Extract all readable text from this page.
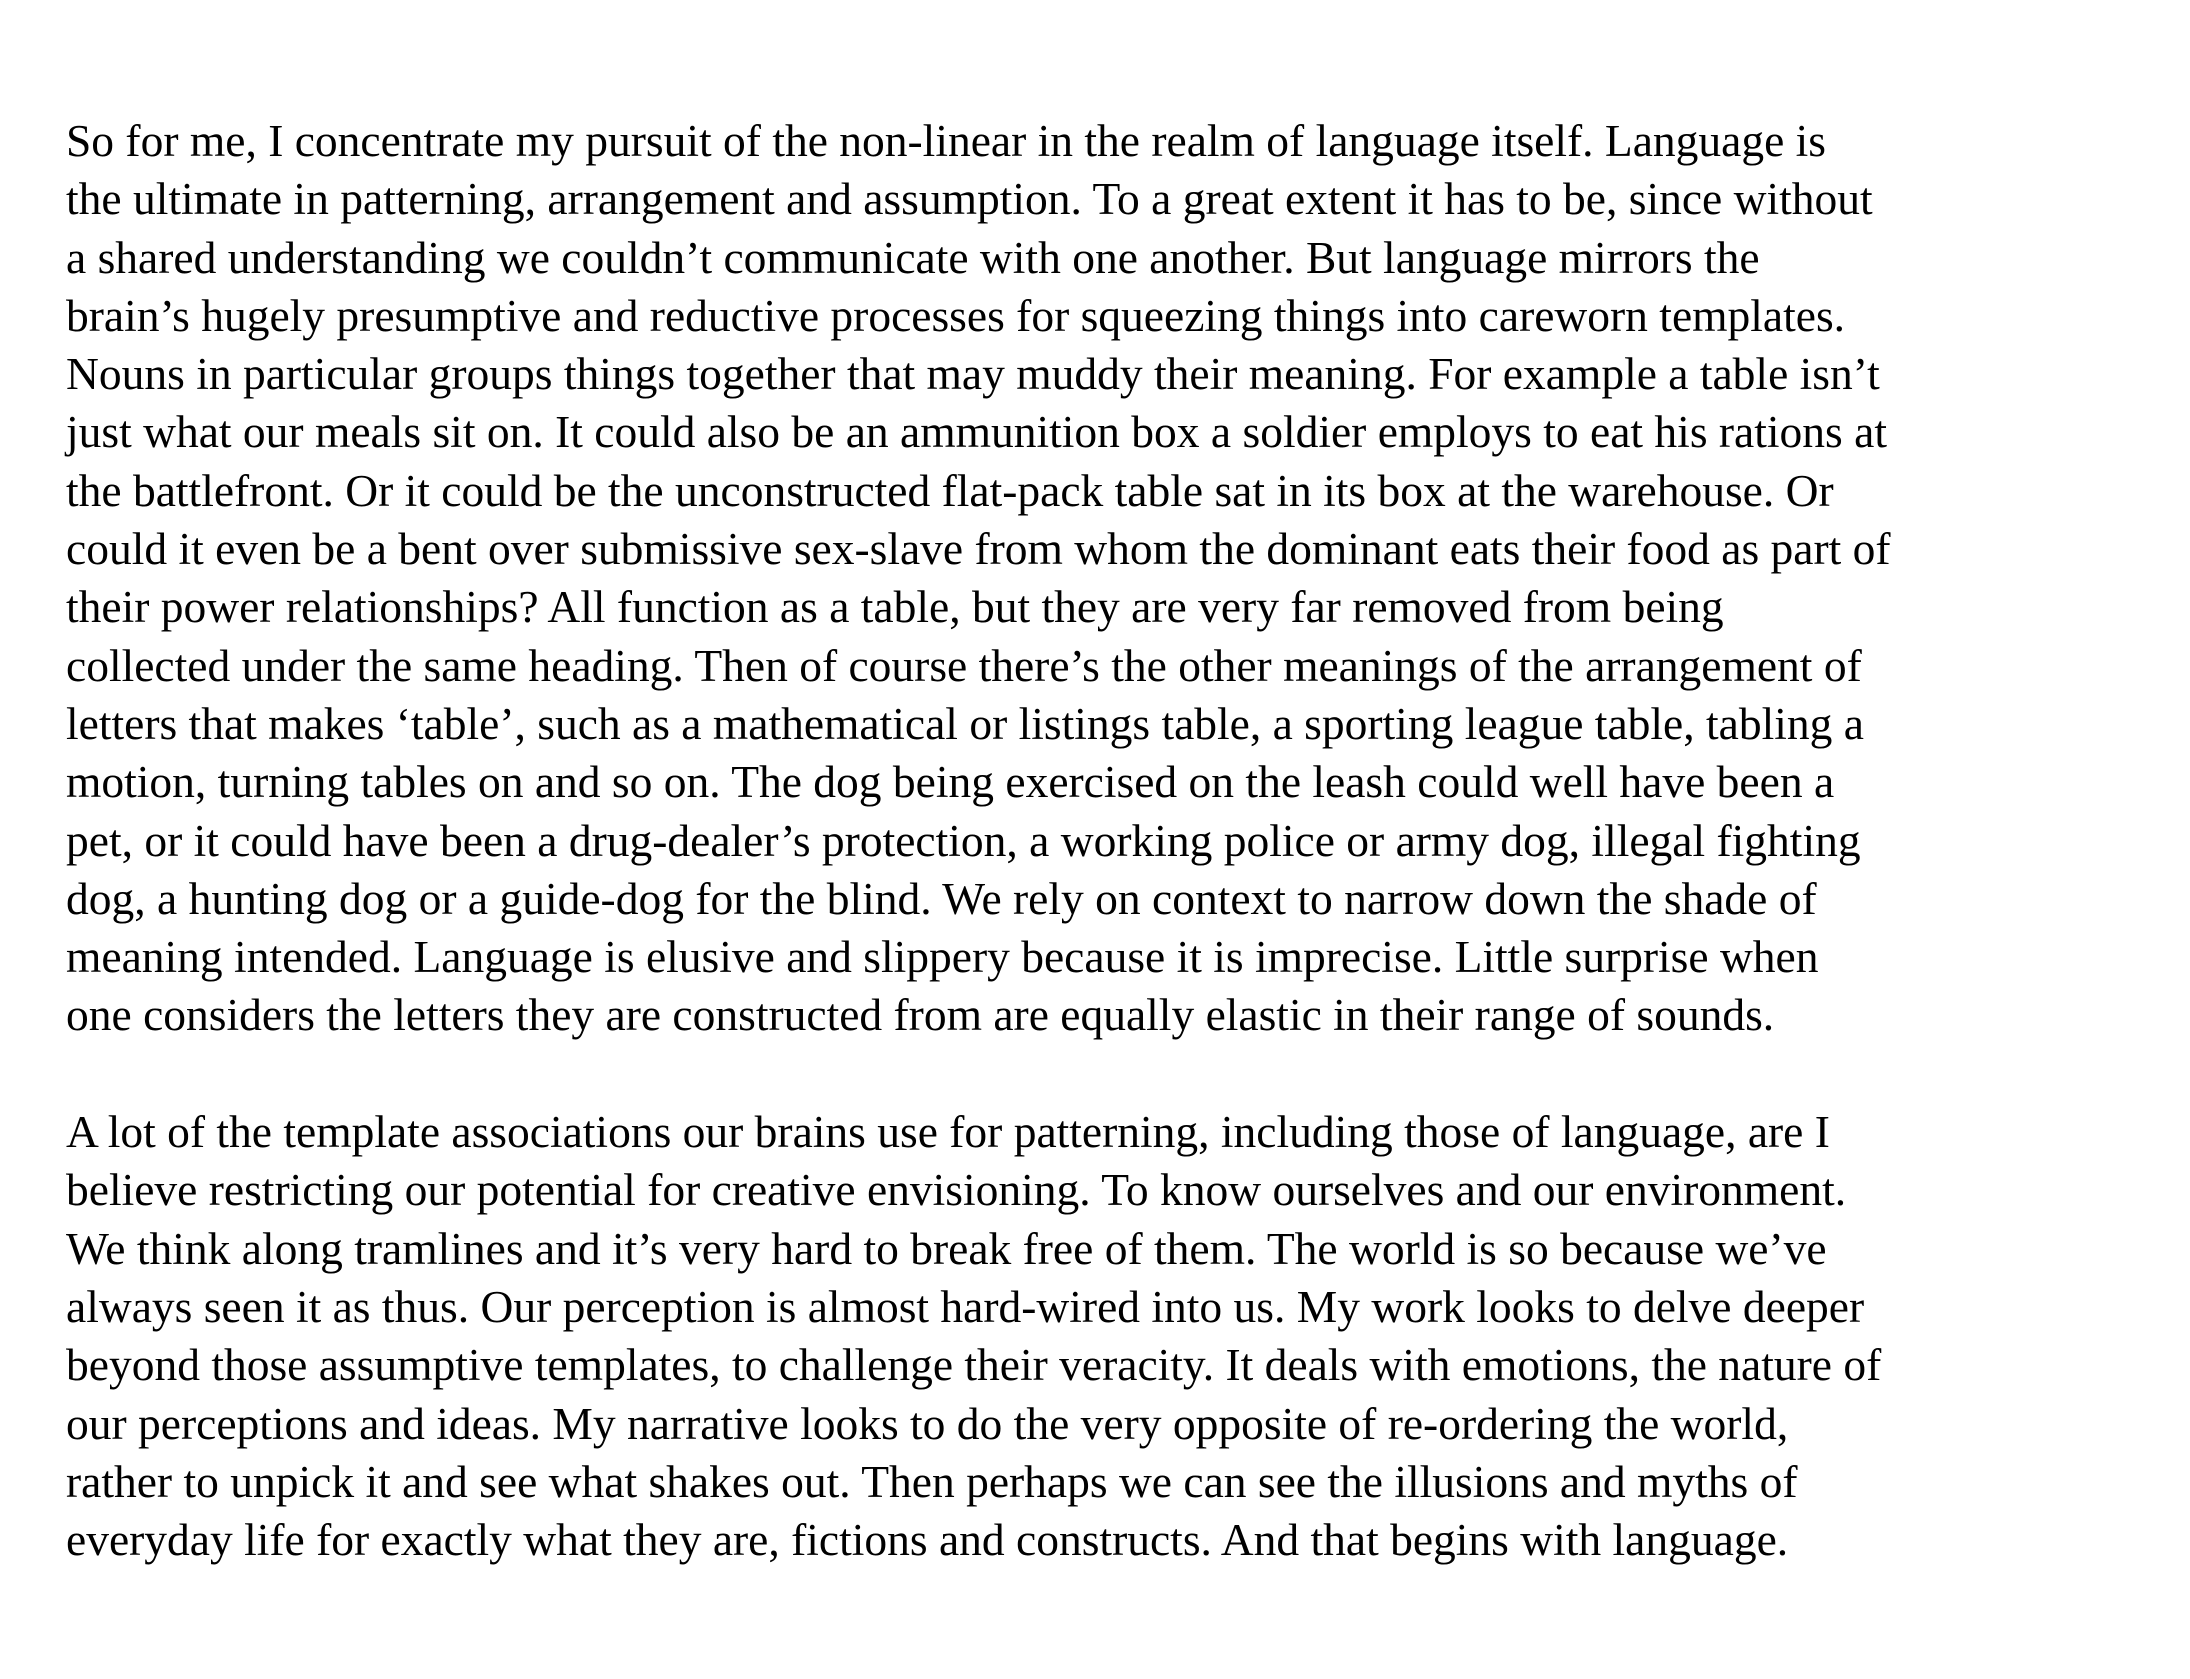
So for me, I concentrate my pursuit of the non-linear in the realm of language itself. Language is
the ultimate in patterning, arrangement and assumption. To a great extent it has to be, since without
a shared understanding we couldn’t communicate with one another. But language mirrors the
brain’s hugely presumptive and reductive processes for squeezing things into careworn templates.
Nouns in particular groups things together that may muddy their meaning. For example a table isn’t
just what our meals sit on. It could also be an ammunition box a soldier employs to eat his rations at
the battlefront. Or it could be the unconstructed flat-pack table sat in its box at the warehouse. Or
could it even be a bent over submissive sex-slave from whom the dominant eats their food as part of
their power relationships? All function as a table, but they are very far removed from being
collected under the same heading. Then of course there’s the other meanings of the arrangement of
letters that makes ‘table’, such as a mathematical or listings table, a sporting league table, tabling a
motion, turning tables on and so on. The dog being exercised on the leash could well have been a
pet, or it could have been a drug-dealer’s protection, a working police or army dog, illegal fighting
dog, a hunting dog or a guide-dog for the blind. We rely on context to narrow down the shade of
meaning intended. Language is elusive and slippery because it is imprecise. Little surprise when
one considers the letters they are constructed from are equally elastic in their range of sounds.

A lot of the template associations our brains use for patterning, including those of language, are I
believe restricting our potential for creative envisioning. To know ourselves and our environment.
We think along tramlines and it’s very hard to break free of them. The world is so because we’ve
always seen it as thus. Our perception is almost hard-wired into us. My work looks to delve deeper
beyond those assumptive templates, to challenge their veracity. It deals with emotions, the nature of
our perceptions and ideas. My narrative looks to do the very opposite of re-ordering the world,
rather to unpick it and see what shakes out. Then perhaps we can see the illusions and myths of
everyday life for exactly what they are, fictions and constructs. And that begins with language.
